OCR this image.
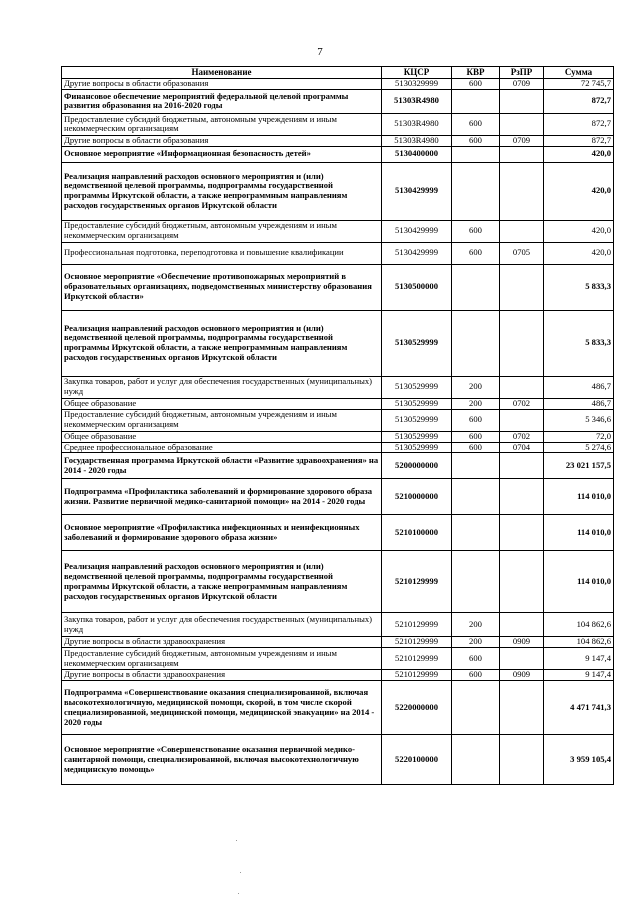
7
Наименование	КЦСР	КВР	РзПР	Сумма
Другие вопросы в области образования	5130329999	600	0709	72 745,7
Финансовое обеспечение мероприятий федеральной целевой программы развития образования на 2016-2020 годы	51303R4980			872,7
Предоставление субсидий бюджетным, автономным учреждениям и иным некоммерческим организациям	51303R4980	600		872,7
Другие вопросы в области образования	51303R4980	600	0709	872,7
Основное мероприятие «Информационная безопасность детей»	5130400000			420,0
Реализация направлений расходов основного мероприятия и (или) ведомственной целевой программы, подпрограммы государственной программы Иркутской области, а также непрограммным направлениям расходов государственных органов Иркутской области	5130429999			420,0
Предоставление субсидий бюджетным, автономным учреждениям и иным некоммерческим организациям	5130429999	600		420,0
Профессиональная подготовка, переподготовка и повышение квалификации	5130429999	600	0705	420,0
Основное мероприятие «Обеспечение противопожарных мероприятий в образовательных организациях, подведомственных министерству образования Иркутской области»	5130500000			5 833,3
Реализация направлений расходов основного мероприятия и (или) ведомственной целевой программы, подпрограммы государственной программы Иркутской области, а также непрограммным направлениям расходов государственных органов Иркутской области	5130529999			5 833,3
Закупка товаров, работ и услуг для обеспечения государственных (муниципальных) нужд	5130529999	200		486,7
Общее образование	5130529999	200	0702	486,7
Предоставление субсидий бюджетным, автономным учреждениям и иным некоммерческим организациям	5130529999	600		5 346,6
Общее образование	5130529999	600	0702	72,0
Среднее профессиональное образование	5130529999	600	0704	5 274,6
Государственная программа Иркутской области «Развитие здравоохранения» на 2014 - 2020 годы	5200000000			23 021 157,5
Подпрограмма «Профилактика заболеваний и формирование здорового образа жизни. Развитие первичной медико-санитарной помощи» на 2014 - 2020 годы	5210000000			114 010,0
Основное мероприятие «Профилактика инфекционных и неинфекционных заболеваний и формирование здорового образа жизни»	5210100000			114 010,0
Реализация направлений расходов основного мероприятия и (или) ведомственной целевой программы, подпрограммы государственной программы Иркутской области, а также непрограммным направлениям расходов государственных органов Иркутской области	5210129999			114 010,0
Закупка товаров, работ и услуг для обеспечения государственных (муниципальных) нужд	5210129999	200		104 862,6
Другие вопросы в области здравоохранения	5210129999	200	0909	104 862,6
Предоставление субсидий бюджетным, автономным учреждениям и иным некоммерческим организациям	5210129999	600		9 147,4
Другие вопросы в области здравоохранения	5210129999	600	0909	9 147,4
Подпрограмма «Совершенствование оказания специализированной, включая высокотехнологичную, медицинской помощи, скорой, в том числе скорой специализированной, медицинской помощи, медицинской эвакуации» на 2014 - 2020 годы	5220000000			4 471 741,3
Основное мероприятие «Совершенствование оказания первичной медико-санитарной помощи, специализированной, включая высокотехнологичную медицинскую помощь»	5220100000			3 959 105,4
